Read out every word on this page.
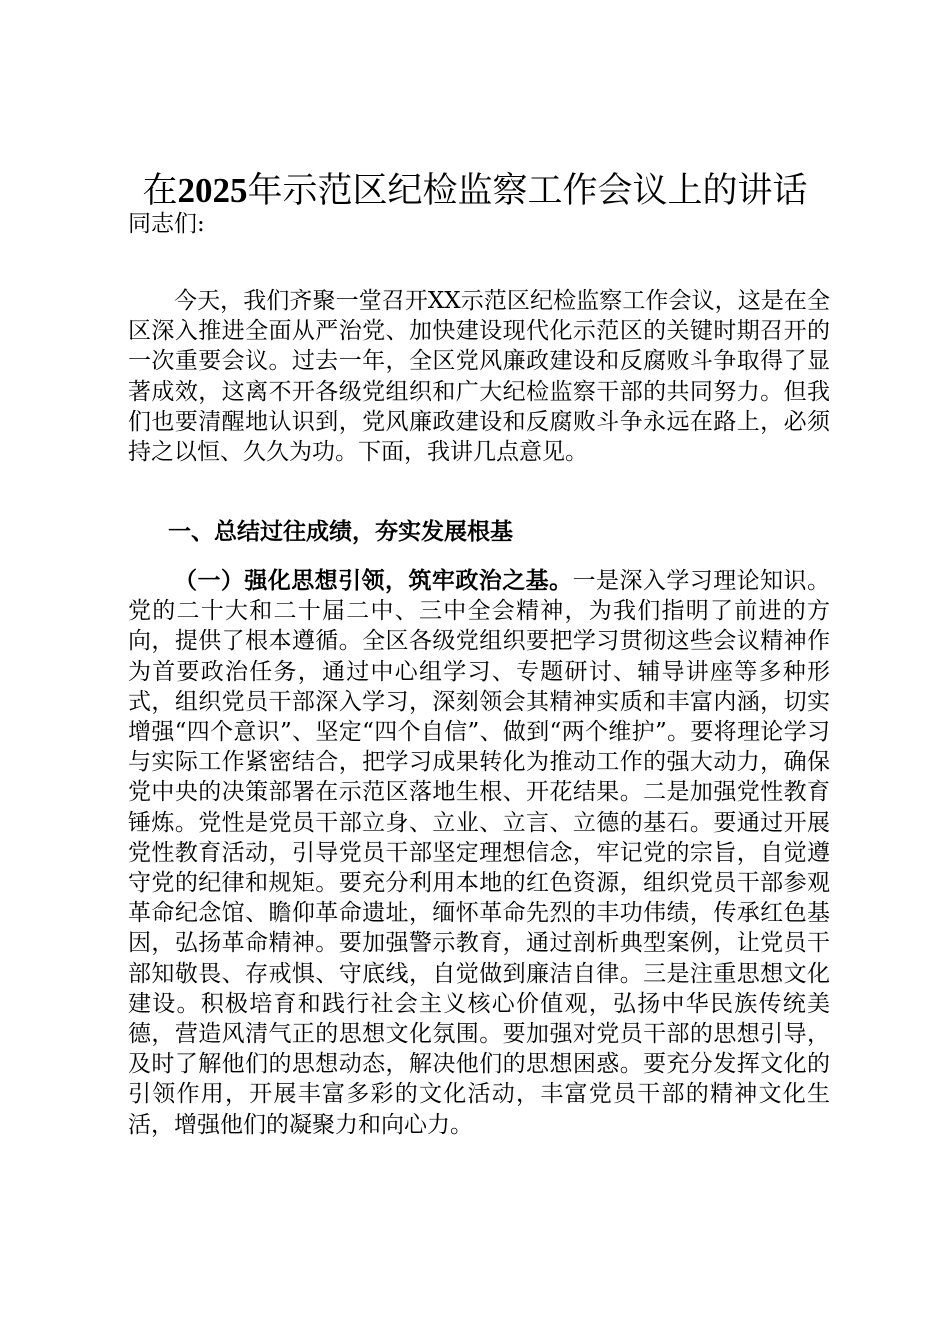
在2025年示范区纪检监察工作会议上的讲话

同志们:

今天，我们齐聚一堂召开XX示范区纪检监察工作会议，这是在全区深入推进全面从严治党、加快建设现代化示范区的关键时期召开的一次重要会议。过去一年，全区党风廉政建设和反腐败斗争取得了显著成效，这离不开各级党组织和广大纪检监察干部的共同努力。但我们也要清醒地认识到，党风廉政建设和反腐败斗争永远在路上，必须持之以恒、久久为功。下面，我讲几点意见。

一、总结过往成绩，夯实发展根基

（一）强化思想引领，筑牢政治之基。一是深入学习理论知识。党的二十大和二十届二中、三中全会精神，为我们指明了前进的方向，提供了根本遵循。全区各级党组织要把学习贯彻这些会议精神作为首要政治任务，通过中心组学习、专题研讨、辅导讲座等多种形式，组织党员干部深入学习，深刻领会其精神实质和丰富内涵，切实增强“四个意识”、坚定“四个自信”、做到“两个维护”。要将理论学习与实际工作紧密结合，把学习成果转化为推动工作的强大动力，确保党中央的决策部署在示范区落地生根、开花结果。二是加强党性教育锤炼。党性是党员干部立身、立业、立言、立德的基石。要通过开展党性教育活动，引导党员干部坚定理想信念，牢记党的宗旨，自觉遵守党的纪律和规矩。要充分利用本地的红色资源，组织党员干部参观革命纪念馆、瞻仰革命遗址，缅怀革命先烈的丰功伟绩，传承红色基因，弘扬革命精神。要加强警示教育，通过剖析典型案例，让党员干部知敬畏、存戒惧、守底线，自觉做到廉洁自律。三是注重思想文化建设。积极培育和践行社会主义核心价值观，弘扬中华民族传统美德，营造风清气正的思想文化氛围。要加强对党员干部的思想引导，及时了解他们的思想动态，解决他们的思想困惑。要充分发挥文化的引领作用，开展丰富多彩的文化活动，丰富党员干部的精神文化生活，增强他们的凝聚力和向心力。
